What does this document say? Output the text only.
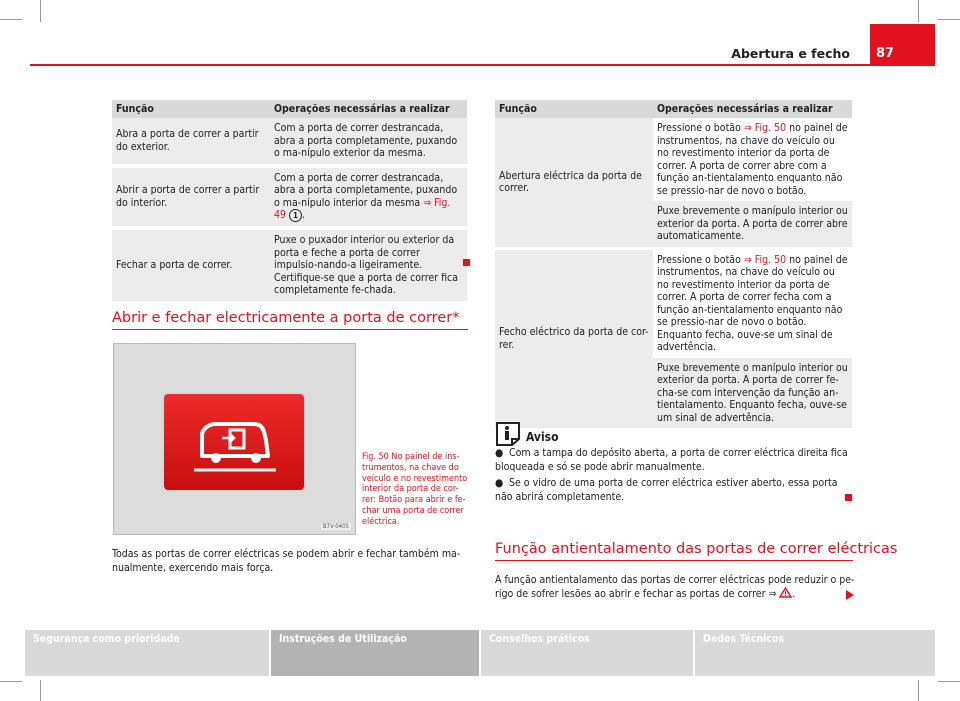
Abertura e fecho	87
Função	Operações necessárias a realizar
Abra a porta de correr a partir do exterior.	Com a porta de correr destrancada, abra a porta completamente, puxando o ma-nípulo exterior da mesma.
Abrir a porta de correr a partir do interior.	Com a porta de correr destrancada, abra a porta completamente, puxando o ma-nípulo interior da mesma ⇒ Fig. 49 1 .
Fechar a porta de correr.	Puxe o puxador interior ou exterior da porta e feche a porta de correr impulsio-nando-a ligeiramente. Certifique-se que a porta de correr fica completamente fe-chada.
Abrir e fechar electricamente a porta de correr*
B7V-0405
Fig. 50 No painel de ins-trumentos, na chave do veículo e no revestimento interior da porta de cor-rer: Botão para abrir e fe-char uma porta de correr eléctrica.
Todas as portas de correr eléctricas se podem abrir e fechar também ma-nualmente, exercendo mais força.
Função	Operações necessárias a realizar
Abertura eléctrica da porta de correr.	Pressione o botão ⇒ Fig. 50 no painel de instrumentos, na chave do veículo ou no revestimento interior da porta de correr. A porta de correr abre com a função an-tientalamento enquanto não se pressio-nar de novo o botão.
	Puxe brevemente o manípulo interior ou exterior da porta. A porta de correr abre automaticamente.
Fecho eléctrico da porta de cor-rer.	Pressione o botão ⇒ Fig. 50 no painel de instrumentos, na chave do veículo ou no revestimento interior da porta de correr. A porta de correr fecha com a função an-tientalamento enquanto não se pressio-nar de novo o botão. Enquanto fecha, ouve-se um sinal de advertência.
	Puxe brevemente o manípulo interior ou exterior da porta. A porta de correr fe-cha-se com intervenção da função an-tientalamento. Enquanto fecha, ouve-se um sinal de advertência.
Aviso
● Com a tampa do depósito aberta, a porta de correr eléctrica direita fica bloqueada e só se pode abrir manualmente.
● Se o vidro de uma porta de correr eléctrica estiver aberto, essa porta não abrirá completamente.
Função antientalamento das portas de correr eléctricas
A função antientalamento das portas de correr eléctricas pode reduzir o pe-rigo de sofrer lesões ao abrir e fechar as portas de correr ⇒ .
Segurança como prioridade	Instruções de Utilização	Conselhos práticos	Dados Técnicos
